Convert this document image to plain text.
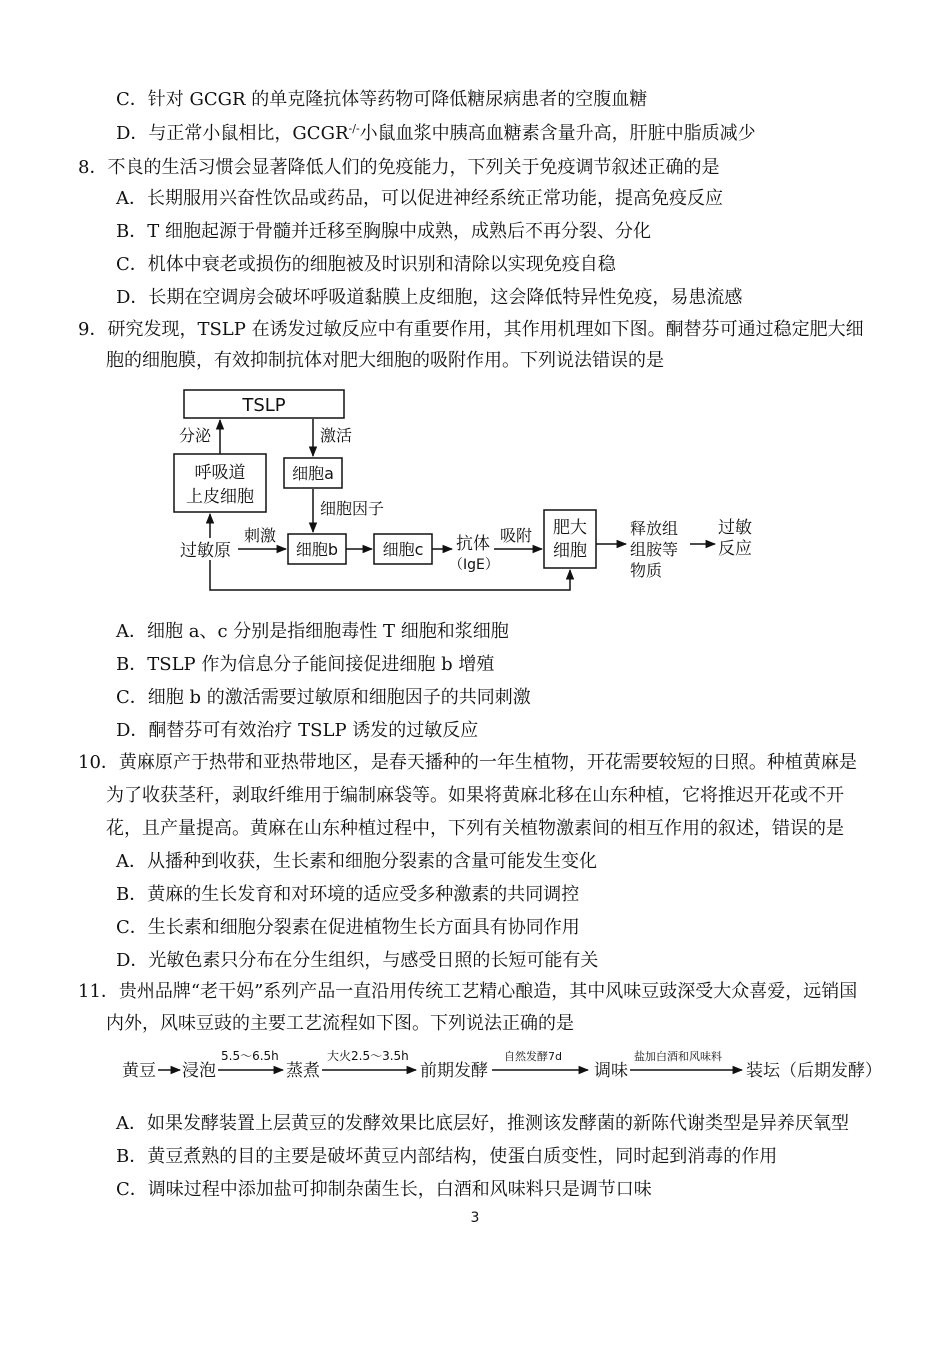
C．针对 GCGR 的单克隆抗体等药物可降低糖尿病患者的空腹血糖
D．与正常小鼠相比，GCGR-/-小鼠血浆中胰高血糖素含量升高，肝脏中脂质减少
8．不良的生活习惯会显著降低人们的免疫能力，下列关于免疫调节叙述正确的是
A．长期服用兴奋性饮品或药品，可以促进神经系统正常功能，提高免疫反应
B．T 细胞起源于骨髓并迁移至胸腺中成熟，成熟后不再分裂、分化
C．机体中衰老或损伤的细胞被及时识别和清除以实现免疫自稳
D．长期在空调房会破坏呼吸道黏膜上皮细胞，这会降低特异性免疫，易患流感
9．研究发现，TSLP 在诱发过敏反应中有重要作用，其作用机理如下图。酮替芬可通过稳定肥大细
胞的细胞膜，有效抑制抗体对肥大细胞的吸附作用。下列说法错误的是
TSLP
呼吸道
上皮细胞
细胞a
分泌	激活
细胞因子
细胞b
过敏原
刺激
细胞c 抗体
（IgE）
吸附 肥大
细胞
释放组
组胺等
物质
过敏
反应
A．细胞 a、c 分别是指细胞毒性 T 细胞和浆细胞
B．TSLP 作为信息分子能间接促进细胞 b 增殖
C．细胞 b 的激活需要过敏原和细胞因子的共同刺激
D．酮替芬可有效治疗 TSLP 诱发的过敏反应
10．黄麻原产于热带和亚热带地区，是春天播种的一年生植物，开花需要较短的日照。种植黄麻是
为了收获茎秆，剥取纤维用于编制麻袋等。如果将黄麻北移在山东种植，它将推迟开花或不开
花，且产量提高。黄麻在山东种植过程中，下列有关植物激素间的相互作用的叙述，错误的是
A．从播种到收获，生长素和细胞分裂素的含量可能发生变化
B．黄麻的生长发育和对环境的适应受多种激素的共同调控
C．生长素和细胞分裂素在促进植物生长方面具有协同作用
D．光敏色素只分布在分生组织，与感受日照的长短可能有关
11．贵州品牌“老干妈”系列产品一直沿用传统工艺精心酿造，其中风味豆豉深受大众喜爱，远销国
内外，风味豆豉的主要工艺流程如下图。下列说法正确的是
黄豆 浸泡
5.5～6.5h
蒸煮
大火2.5～3.5h
前期发酵
自然发酵7d
调味
盐加白酒和风味料
装坛（后期发酵）
A．如果发酵装置上层黄豆的发酵效果比底层好，推测该发酵菌的新陈代谢类型是异养厌氧型
B．黄豆煮熟的目的主要是破坏黄豆内部结构，使蛋白质变性，同时起到消毒的作用
C．调味过程中添加盐可抑制杂菌生长，白酒和风味料只是调节口味
3
